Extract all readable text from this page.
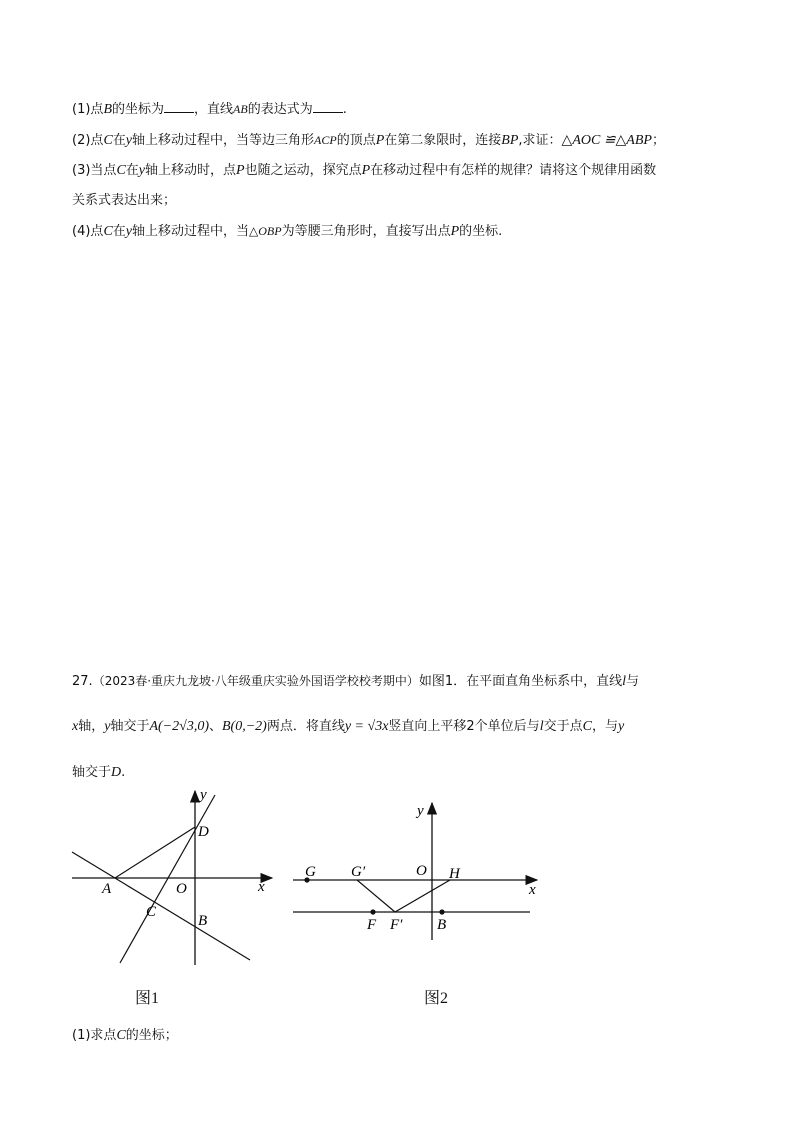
(1)点B的坐标为 ，直线AB的表达式为 .
(2)点C在y轴上移动过程中，当等边三角形ACP的顶点P在第二象限时，连接BP,求证：△AOC ≌△ABP；
(3)当点C在y轴上移动时，点P也随之运动，探究点P在移动过程中有怎样的规律？请将这个规律用函数
关系式表达出来；
(4)点C在y轴上移动过程中，当△OBP为等腰三角形时，直接写出点P的坐标.
27.（2023春·重庆九龙坡·八年级重庆实验外国语学校校考期中）如图1．在平面直角坐标系中，直线l与
x轴，y轴交于A(−2√3,0)、B(0,−2)两点．将直线y = √3x竖直向上平移2个单位后与l交于点C，与y
轴交于D.
y
D
A	O	x
C
B
图1
y
O
G G′	H
x
F F′ B
图2
(1)求点C的坐标；
